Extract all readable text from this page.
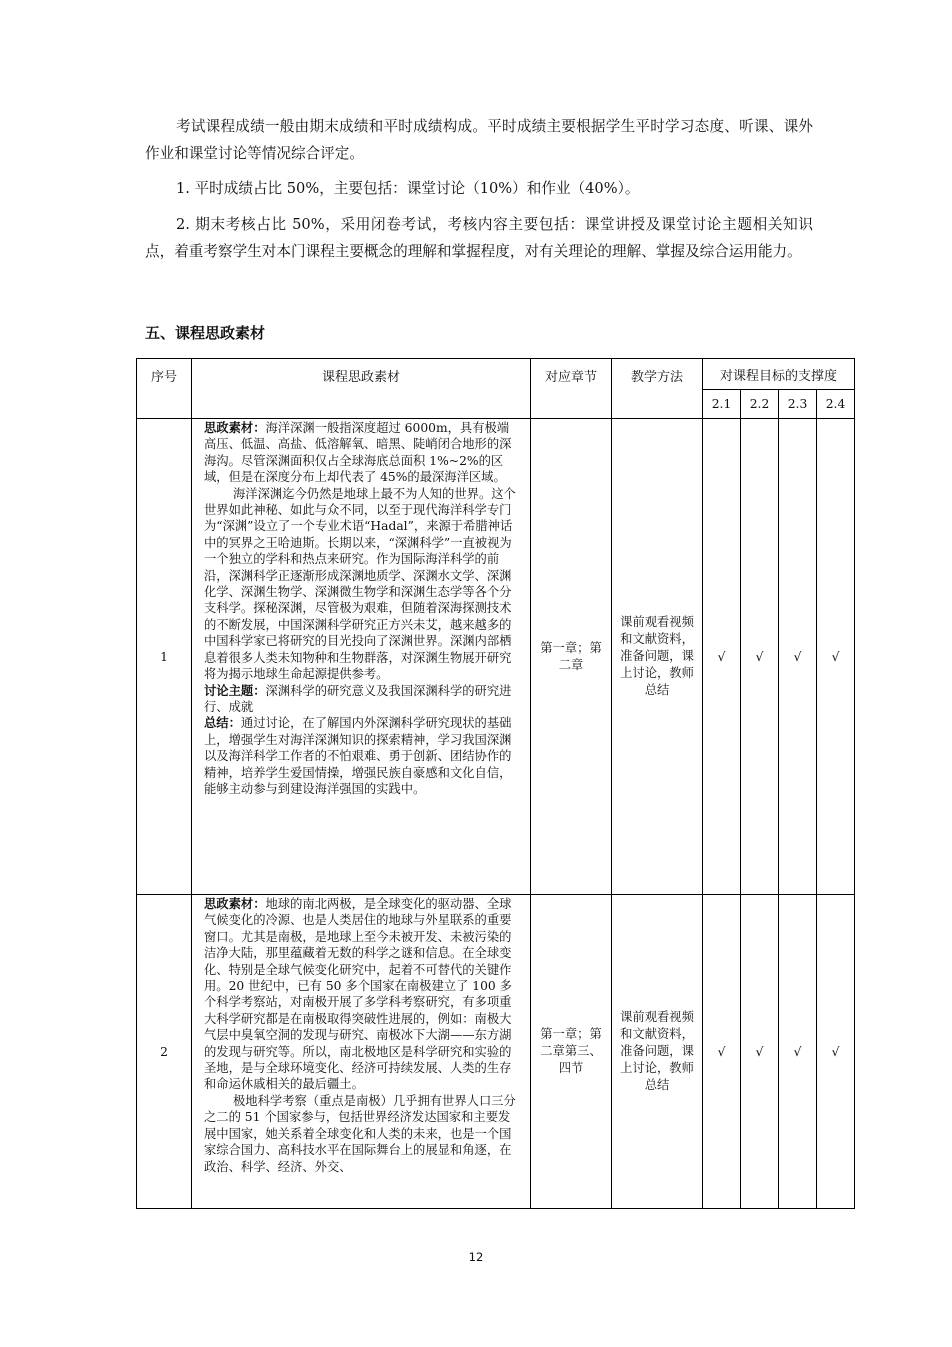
考试课程成绩一般由期末成绩和平时成绩构成。平时成绩主要根据学生平时学习态度、听课、课外作业和课堂讨论等情况综合评定。
1. 平时成绩占比 50%，主要包括：课堂讨论（10%）和作业（40%）。
2. 期末考核占比 50%，采用闭卷考试，考核内容主要包括：课堂讲授及课堂讨论主题相关知识点，着重考察学生对本门课程主要概念的理解和掌握程度，对有关理论的理解、掌握及综合运用能力。
五、课程思政素材
序号	课程思政素材	对应章节	教学方法	对课程目标的支撑度			
				2.1	2.2	2.3	2.4
1	思政素材：海洋深渊一般指深度超过 6000m，具有极端高压、低温、高盐、低溶解氧、暗黑、陡峭闭合地形的深海沟。尽管深渊面积仅占全球海底总面积 1%~2%的区域，但是在深度分布上却代表了 45%的最深海洋区域。

海洋深渊迄今仍然是地球上最不为人知的世界。这个世界如此神秘、如此与众不同，以至于现代海洋科学专门为“深渊”设立了一个专业术语“Hadal”，来源于希腊神话中的冥界之王哈迪斯。长期以来，“深渊科学”一直被视为一个独立的学科和热点来研究。作为国际海洋科学的前沿，深渊科学正逐渐形成深渊地质学、深渊水文学、深渊化学、深渊生物学、深渊微生物学和深渊生态学等各个分支科学。探秘深渊，尽管极为艰难，但随着深海探测技术的不断发展，中国深渊科学研究正方兴未艾，越来越多的中国科学家已将研究的目光投向了深渊世界。深渊内部栖息着很多人类未知物种和生物群落，对深渊生物展开研究将为揭示地球生命起源提供参考。

讨论主题：深渊科学的研究意义及我国深渊科学的研究进行、成就

总结：通过讨论，在了解国内外深渊科学研究现状的基础上，增强学生对海洋深渊知识的探索精神，学习我国深渊以及海洋科学工作者的不怕艰难、勇于创新、团结协作的精神，培养学生爱国情操，增强民族自豪感和文化自信，能够主动参与到建设海洋强国的实践中。	第一章；第二章	课前观看视频和文献资料，准备问题，课上讨论，教师总结	√	√	√	√
2	思政素材：地球的南北两极，是全球变化的驱动器、全球气候变化的冷源、也是人类居住的地球与外星联系的重要窗口。尤其是南极，是地球上至今未被开发、未被污染的洁净大陆，那里蕴藏着无数的科学之谜和信息。在全球变化、特别是全球气候变化研究中，起着不可替代的关键作用。20 世纪中，已有 50 多个国家在南极建立了 100 多个科学考察站，对南极开展了多学科考察研究，有多项重大科学研究都是在南极取得突破性进展的，例如：南极大气层中臭氧空洞的发现与研究、南极冰下大湖——东方湖的发现与研究等。所以，南北极地区是科学研究和实验的圣地，是与全球环境变化、经济可持续发展、人类的生存和命运休戚相关的最后疆土。

极地科学考察（重点是南极）几乎拥有世界人口三分之二的 51 个国家参与，包括世界经济发达国家和主要发展中国家，她关系着全球变化和人类的未来，也是一个国家综合国力、高科技水平在国际舞台上的展显和角逐，在政治、科学、经济、外交、	第一章；第二章第三、四节	课前观看视频和文献资料，准备问题，课上讨论，教师总结	√	√	√	√
12
